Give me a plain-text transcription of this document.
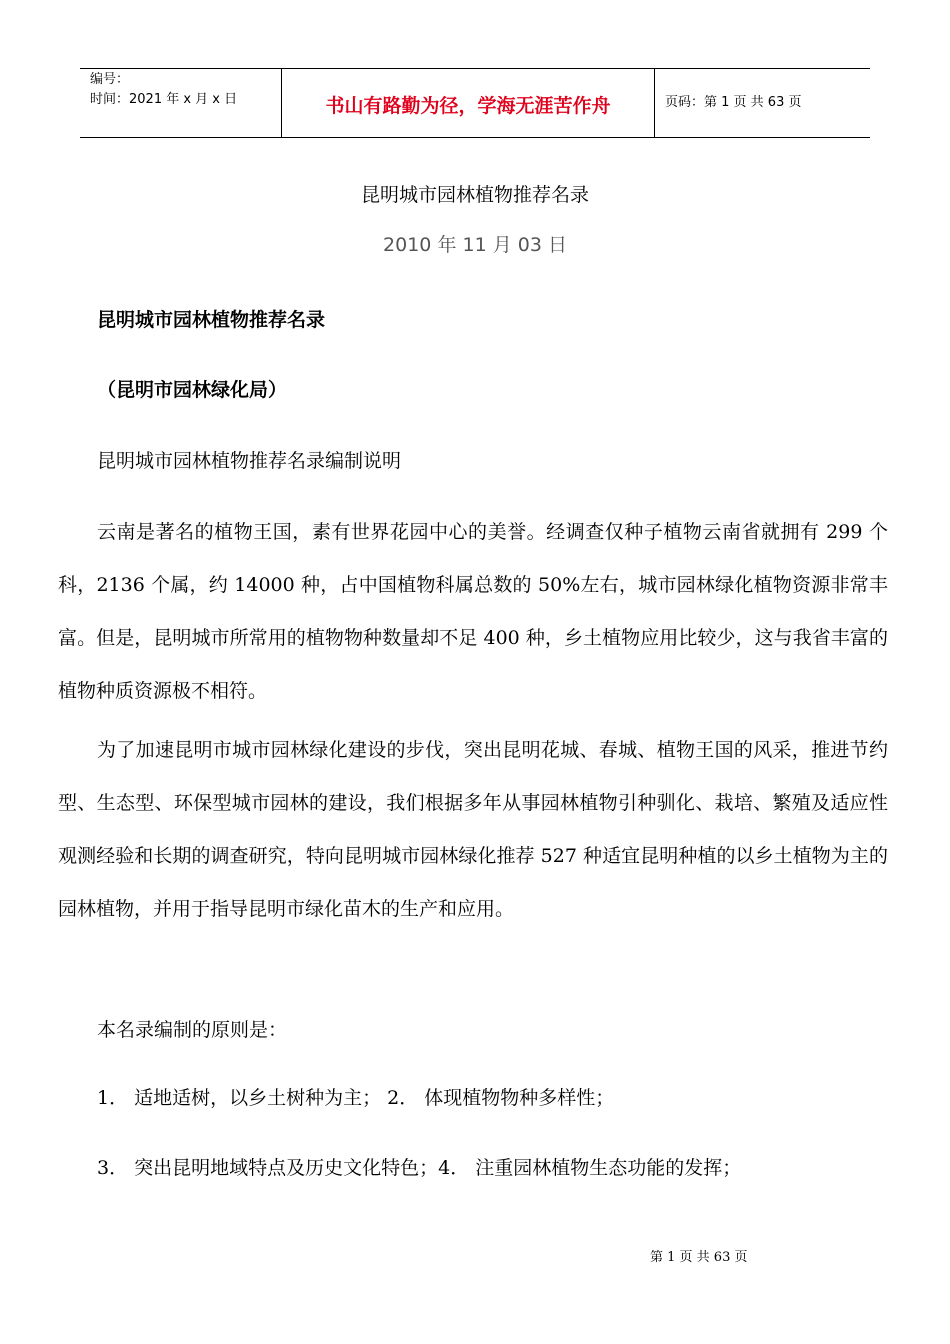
编号：
时间：2021 年 x 月 x 日	书山有路勤为径，学海无涯苦作舟	页码：第 1 页 共 63 页
昆明城市园林植物推荐名录
2010 年 11 月 03 日
昆明城市园林植物推荐名录
（昆明市园林绿化局）
昆明城市园林植物推荐名录编制说明
云南是著名的植物王国，素有世界花园中心的美誉。经调查仅种子植物云南省就拥有 299 个科，2136 个属，约 14000 种，占中国植物科属总数的 50%左右，城市园林绿化植物资源非常丰富。但是，昆明城市所常用的植物物种数量却不足 400 种，乡土植物应用比较少，这与我省丰富的植物种质资源极不相符。
为了加速昆明市城市园林绿化建设的步伐，突出昆明花城、春城、植物王国的风采，推进节约型、生态型、环保型城市园林的建设，我们根据多年从事园林植物引种驯化、栽培、繁殖及适应性观测经验和长期的调查研究，特向昆明城市园林绿化推荐 527 种适宜昆明种植的以乡土植物为主的园林植物，并用于指导昆明市绿化苗木的生产和应用。
本名录编制的原则是：
1． 适地适树，以乡土树种为主； 2． 体现植物物种多样性；
3． 突出昆明地域特点及历史文化特色；4． 注重园林植物生态功能的发挥；
第 1 页 共 63 页
